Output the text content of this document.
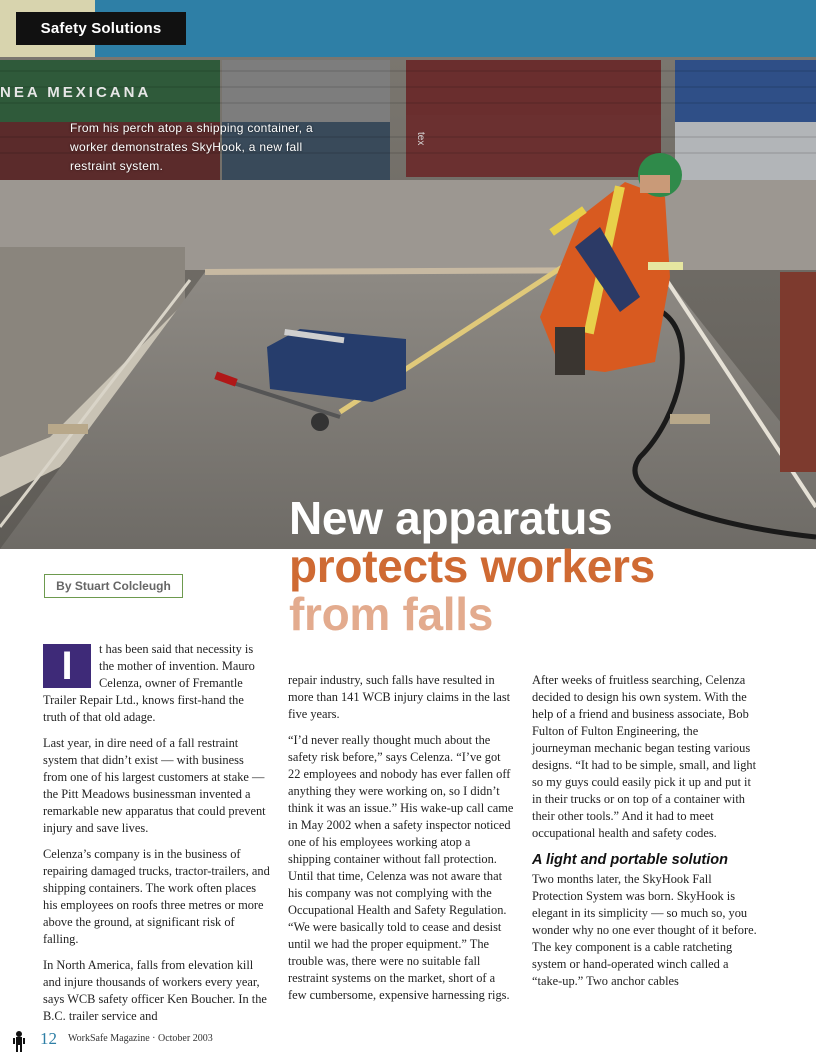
Safety Solutions
NEA MEXICANA
tex
From his perch atop a shipping container, a worker demonstrates SkyHook, a new fall restraint system.
New apparatus
protects workers
from falls
By Stuart Colcleugh
I	t has been said that necessity is the mother of invention. Mauro Celenza, owner of Fremantle Trailer Repair Ltd., knows first-hand the truth of that old adage.

Last year, in dire need of a fall restraint system that didn’t exist — with business from one of his largest customers at stake — the Pitt Meadows businessman invented a remarkable new apparatus that could prevent injury and save lives.

Celenza’s company is in the business of repairing damaged trucks, tractor-trailers, and shipping containers. The work often places his employees on roofs three metres or more above the ground, at significant risk of falling.

In North America, falls from elevation kill and injure thousands of workers every year, says WCB safety officer Ken Boucher. In the B.C. trailer service and

repair industry, such falls have resulted in more than 141 WCB injury claims in the last five years.

“I’d never really thought much about the safety risk before,” says Celenza. “I’ve got 22 employees and nobody has ever fallen off anything they were working on, so I didn’t think it was an issue.” His wake-up call came in May 2002 when a safety inspector noticed one of his employees working atop a shipping container without fall protection. Until that time, Celenza was not aware that his company was not complying with the Occupational Health and Safety Regulation. “We were basically told to cease and desist until we had the proper equipment.” The trouble was, there were no suitable fall restraint systems on the market, short of a few cumbersome, expensive harnessing rigs.

After weeks of fruitless searching, Celenza decided to design his own system. With the help of a friend and business associate, Bob Fulton of Fulton Engineering, the journeyman mechanic began testing various designs. “It had to be simple, small, and light so my guys could easily pick it up and put it in their trucks or on top of a container with their other tools.” And it had to meet occupational health and safety codes.

A light and portable solution

Two months later, the SkyHook Fall Protection System was born. SkyHook is elegant in its simplicity — so much so, you wonder why no one ever thought of it before. The key component is a cable ratcheting system or hand-operated winch called a “take-up.” Two anchor cables

12 WorkSafe Magazine · October 2003
